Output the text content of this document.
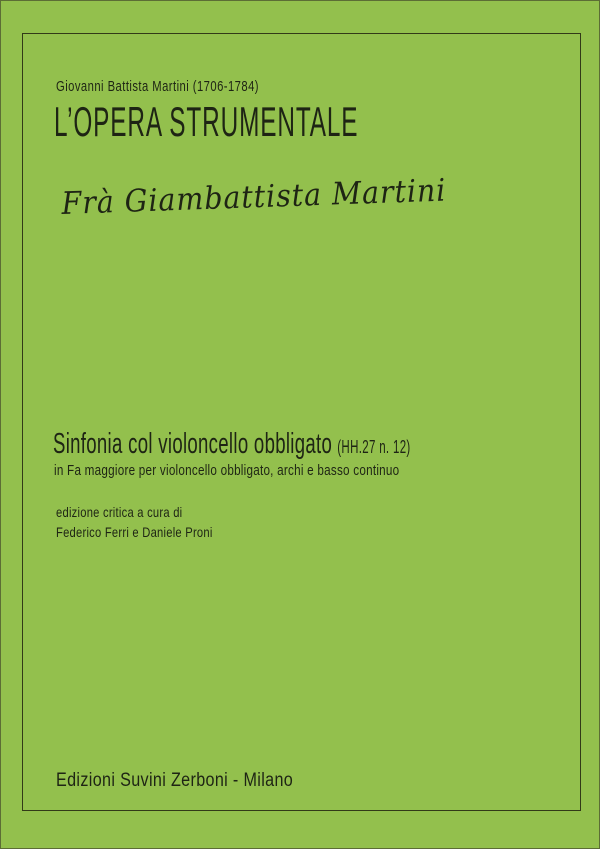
Giovanni Battista Martini (1706-1784)
L’OPERA STRUMENTALE
Frà Giambattista Martini
Sinfonia col violoncello obbligato (HH.27 n. 12)
in Fa maggiore per violoncello obbligato, archi e basso continuo
edizione critica a cura di
Federico Ferri e Daniele Proni
Edizioni Suvini Zerboni - Milano
